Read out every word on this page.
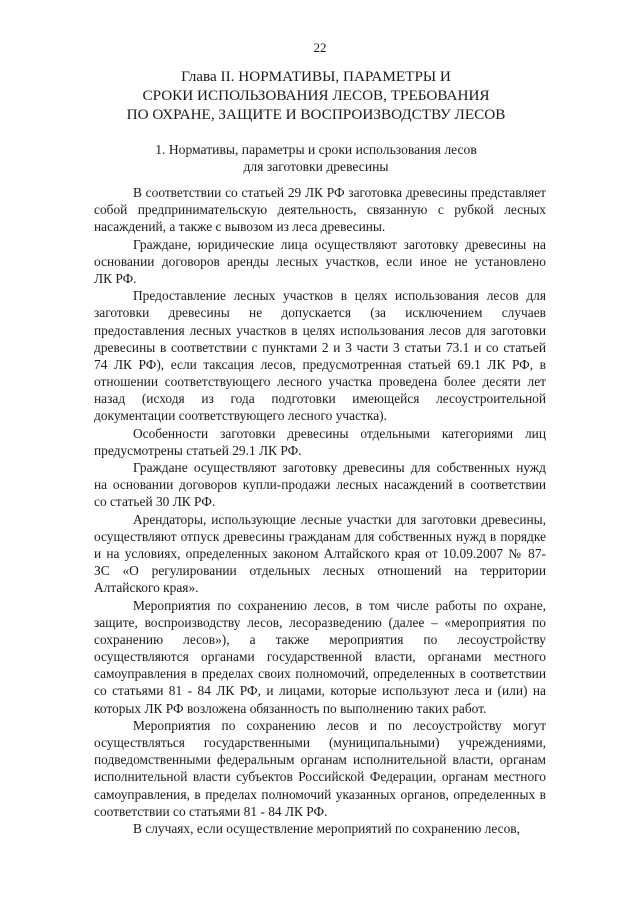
22
Глава II. НОРМАТИВЫ, ПАРАМЕТРЫ И
СРОКИ ИСПОЛЬЗОВАНИЯ ЛЕСОВ, ТРЕБОВАНИЯ
ПО ОХРАНЕ, ЗАЩИТЕ И ВОСПРОИЗВОДСТВУ ЛЕСОВ
1. Нормативы, параметры и сроки использования лесов
для заготовки древесины
В соответствии со статьей 29 ЛК РФ заготовка древесины представляет
собой предпринимательскую деятельность, связанную с рубкой лесных
насаждений, а также с вывозом из леса древесины.
Граждане, юридические лица осуществляют заготовку древесины на
основании договоров аренды лесных участков, если иное не установлено
ЛК РФ.
Предоставление лесных участков в целях использования лесов для
заготовки древесины не допускается (за исключением случаев
предоставления лесных участков в целях использования лесов для заготовки
древесины в соответствии с пунктами 2 и 3 части 3 статьи 73.1 и со статьей
74 ЛК РФ), если таксация лесов, предусмотренная статьей 69.1 ЛК РФ, в
отношении соответствующего лесного участка проведена более десяти лет
назад (исходя из года подготовки имеющейся лесоустроительной
документации соответствующего лесного участка).
Особенности заготовки древесины отдельными категориями лиц
предусмотрены статьей 29.1 ЛК РФ.
Граждане осуществляют заготовку древесины для собственных нужд
на основании договоров купли-продажи лесных насаждений в соответствии
со статьей 30 ЛК РФ.
Арендаторы, использующие лесные участки для заготовки древесины,
осуществляют отпуск древесины гражданам для собственных нужд в порядке
и на условиях, определенных законом Алтайского края от 10.09.2007 № 87-
ЗС «О регулировании отдельных лесных отношений на территории
Алтайского края».
Мероприятия по сохранению лесов, в том числе работы по охране,
защите, воспроизводству лесов, лесоразведению (далее – «мероприятия по
сохранению лесов»), а также мероприятия по лесоустройству
осуществляются органами государственной власти, органами местного
самоуправления в пределах своих полномочий, определенных в соответствии
со статьями 81 - 84 ЛК РФ, и лицами, которые используют леса и (или) на
которых ЛК РФ возложена обязанность по выполнению таких работ.
Мероприятия по сохранению лесов и по лесоустройству могут
осуществляться государственными (муниципальными) учреждениями,
подведомственными федеральным органам исполнительной власти, органам
исполнительной власти субъектов Российской Федерации, органам местного
самоуправления, в пределах полномочий указанных органов, определенных в
соответствии со статьями 81 - 84 ЛК РФ.
В случаях, если осуществление мероприятий по сохранению лесов,
